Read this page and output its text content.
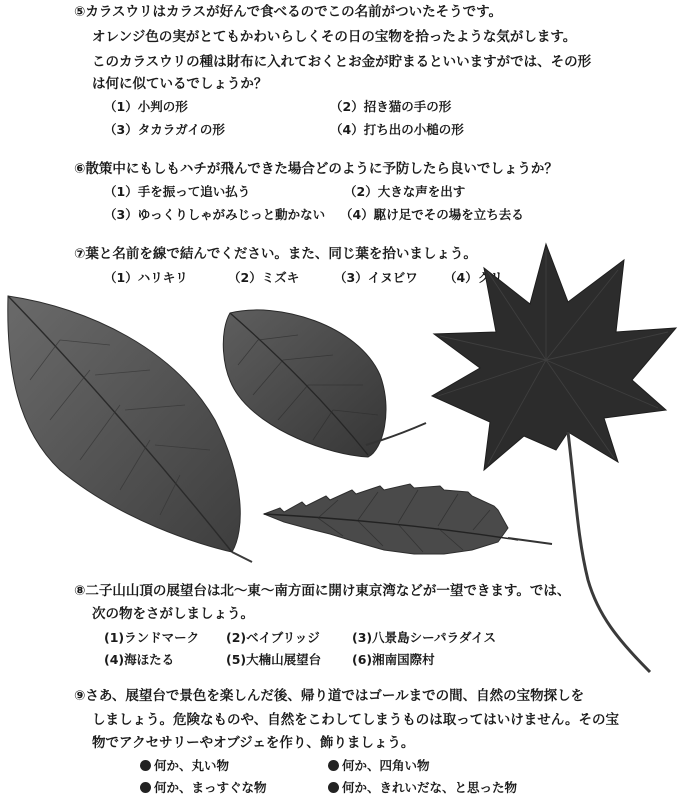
⑤カラスウリはカラスが好んで食べるのでこの名前がついたそうです。
オレンジ色の実がとてもかわいらしくその日の宝物を拾ったような気がします。
このカラスウリの種は財布に入れておくとお金が貯まるといいますがでは、その形
は何に似ているでしょうか？
（1）小判の形	（2）招き猫の手の形
（3）タカラガイの形	（4）打ち出の小槌の形
⑥散策中にもしもハチが飛んできた場合どのように予防したら良いでしょうか？
（1）手を振って追い払う	（2）大きな声を出す
（3）ゆっくりしゃがみじっと動かない （4）駆け足でその場を立ち去る
⑦葉と名前を線で結んでください。また、同じ葉を拾いましょう。
（1）ハリキリ	（2）ミズキ	（3）イヌビワ （4）クリ
⑧二子山山頂の展望台は北～東～南方面に開け東京湾などが一望できます。では、
次の物をさがしましょう。
(1)ランドマーク (2)ベイブリッジ	(3)八景島シーパラダイス
(4)海ほたる	(5)大楠山展望台 (6)湘南国際村
⑨さあ、展望台で景色を楽しんだ後、帰り道ではゴールまでの間、自然の宝物探しを
しましょう。危険なものや、自然をこわしてしまうものは取ってはいけません。その宝
物でアクセサリーやオブジェを作り、飾りましょう。
何か、丸い物	何か、四角い物
何か、まっすぐな物	何か、きれいだな、と思った物
